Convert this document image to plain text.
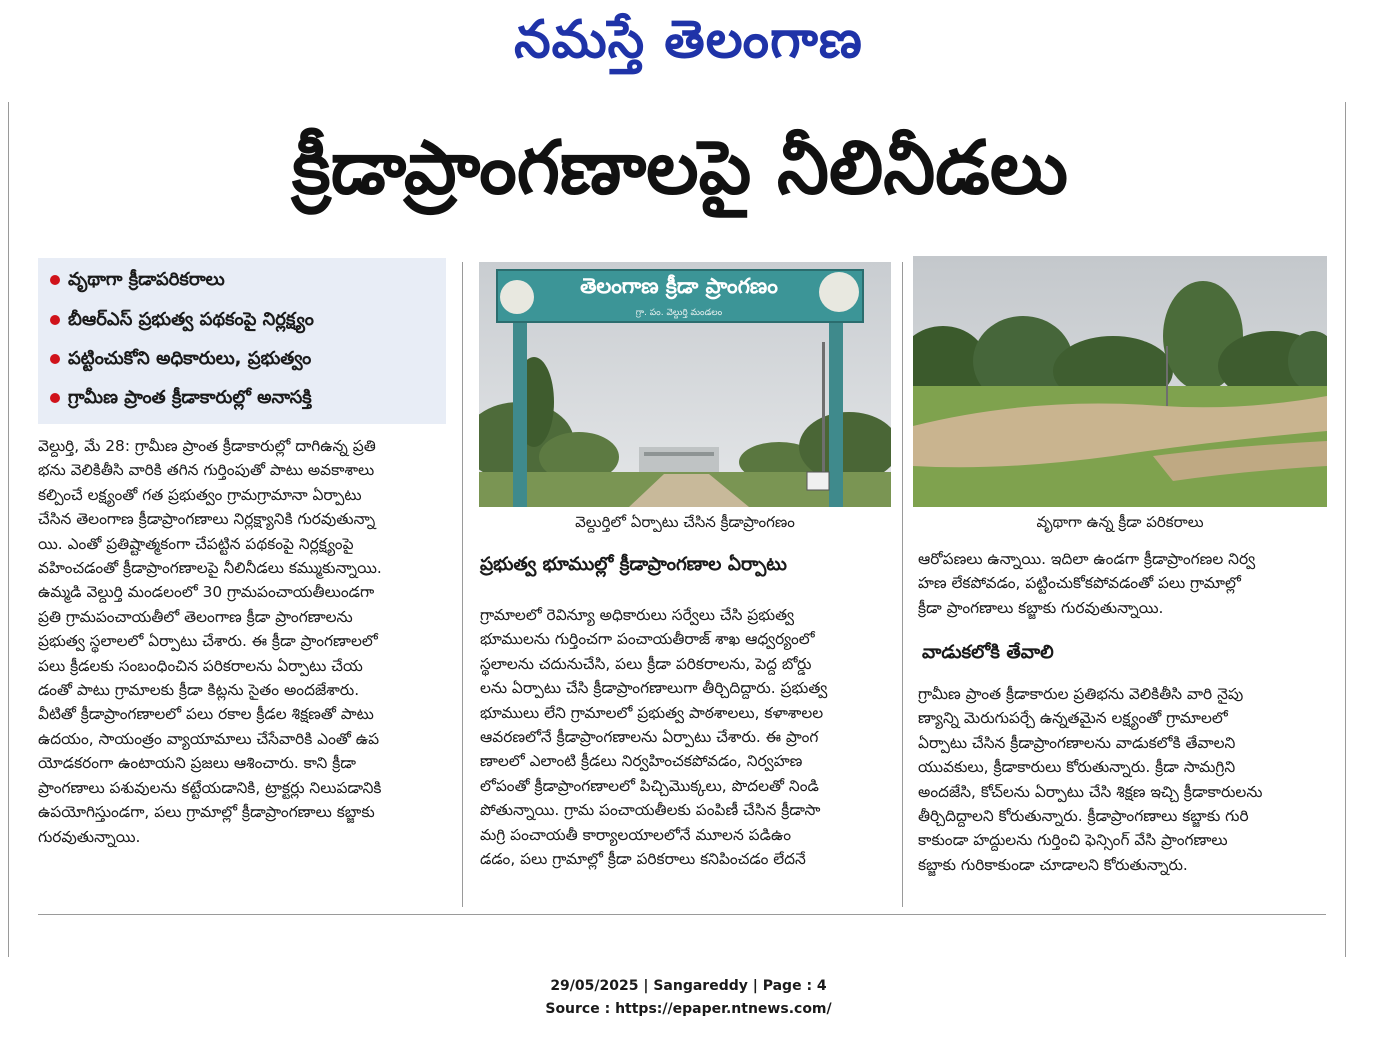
నమస్తే తెలంగాణ
క్రీడాప్రాంగణాలపై నీలినీడలు
వృథాగా క్రీడాపరికరాలు
బీఆర్ఎస్ ప్రభుత్వ పథకంపై నిర్లక్ష్యం
పట్టించుకోని అధికారులు, ప్రభుత్వం
గ్రామీణ ప్రాంత క్రీడాకారుల్లో అనాసక్తి

వెల్దుర్తి, మే 28: గ్రామీణ ప్రాంత క్రీడాకారుల్లో దాగిఉన్న ప్రతి

భను వెలికితీసి వారికి తగిన గుర్తింపుతో పాటు అవకాశాలు

కల్పించే లక్ష్యంతో గత ప్రభుత్వం గ్రామగ్రామానా ఏర్పాటు

చేసిన తెలంగాణ క్రీడాప్రాంగణాలు నిర్లక్ష్యానికి గురవుతున్నా

యి. ఎంతో ప్రతిష్టాత్మకంగా చేపట్టిన పథకంపై నిర్లక్ష్యంపై

వహించడంతో క్రీడాప్రాంగణాలపై నీలినీడలు కమ్ముకున్నాయి.

ఉమ్మడి వెల్దుర్తి మండలంలో 30 గ్రామపంచాయతీలుండగా

ప్రతి గ్రామపంచాయతీలో తెలంగాణ క్రీడా ప్రాంగణాలను

ప్రభుత్వ స్థలాలలో ఏర్పాటు చేశారు. ఈ క్రీడా ప్రాంగణాలలో

పలు క్రీడలకు సంబంధించిన పరికరాలను ఏర్పాటు చేయ

డంతో పాటు గ్రామాలకు క్రీడా కిట్లను సైతం అందజేశారు.

వీటితో క్రీడాప్రాంగణాలలో పలు రకాల క్రీడల శిక్షణతో పాటు

ఉదయం, సాయంత్రం వ్యాయామాలు చేసేవారికి ఎంతో ఉప

యోడకరంగా ఉంటాయని ప్రజలు ఆశించారు. కాని క్రీడా

ప్రాంగణాలు పశువులను కట్టేయడానికి, ట్రాక్టర్లు నిలుపడానికి

ఉపయోగిస్తుండగా, పలు గ్రామాల్లో క్రీడాప్రాంగణాలు కబ్జాకు

గురవుతున్నాయి.

తెలంగాణ క్రీడా ప్రాంగణం
గ్రా. పం. వెల్దుర్తి మండలం
వెల్దుర్తిలో ఏర్పాటు చేసిన క్రీడాప్రాంగణం	వృథాగా ఉన్న క్రీడా పరికరాలు
ప్రభుత్వ భూముల్లో క్రీడాప్రాంగణాల ఏర్పాటు

గ్రామాలలో రెవిన్యూ అధికారులు సర్వేలు చేసి ప్రభుత్వ

భూములను గుర్తించగా పంచాయతీరాజ్ శాఖ ఆధ్వర్యంలో

స్థలాలను చదునుచేసి, పలు క్రీడా పరికరాలను, పెద్ద బోర్డు

లను ఏర్పాటు చేసి క్రీడాప్రాంగణాలుగా తీర్చిదిద్దారు. ప్రభుత్వ

భూములు లేని గ్రామాలలో ప్రభుత్వ పాఠశాలలు, కళాశాలల

ఆవరణలోనే క్రీడాప్రాంగణాలను ఏర్పాటు చేశారు. ఈ ప్రాంగ

ణాలలో ఎలాంటి క్రీడలు నిర్వహించకపోవడం, నిర్వహణ

లోపంతో క్రీడాప్రాంగణాలలో పిచ్చిమొక్కలు, పొదలతో నిండి

పోతున్నాయి. గ్రామ పంచాయతీలకు పంపిణీ చేసిన క్రీడాసా

మగ్రి పంచాయతీ కార్యాలయాలలోనే మూలన పడిఉం

డడం, పలు గ్రామాల్లో క్రీడా పరికరాలు కనిపించడం లేదనే

ఆరోపణలు ఉన్నాయి. ఇదిలా ఉండగా క్రీడాప్రాంగణల నిర్వ

హణ లేకపోవడం, పట్టించుకోకపోవడంతో పలు గ్రామాల్లో

క్రీడా ప్రాంగణాలు కబ్జాకు గురవుతున్నాయి.

వాడుకలోకి తేవాలి

గ్రామీణ ప్రాంత క్రీడాకారుల ప్రతిభను వెలికితీసి వారి నైపు

ణ్యాన్ని మెరుగుపర్చే ఉన్నతమైన లక్ష్యంతో గ్రామాలలో

ఏర్పాటు చేసిన క్రీడాప్రాంగణాలను వాడుకలోకి తేవాలని

యువకులు, క్రీడాకారులు కోరుతున్నారు. క్రీడా సామగ్రిని

అందజేసి, కోచ్‌లను ఏర్పాటు చేసి శిక్షణ ఇచ్చి క్రీడాకారులను

తీర్చిదిద్దాలని కోరుతున్నారు. క్రీడాప్రాంగణాలు కబ్జాకు గురి

కాకుండా హద్దులను గుర్తించి ఫెన్సింగ్ వేసి ప్రాంగణాలు

కబ్జాకు గురికాకుండా చూడాలని కోరుతున్నారు.

29/05/2025 | Sangareddy | Page : 4
Source : https://epaper.ntnews.com/
